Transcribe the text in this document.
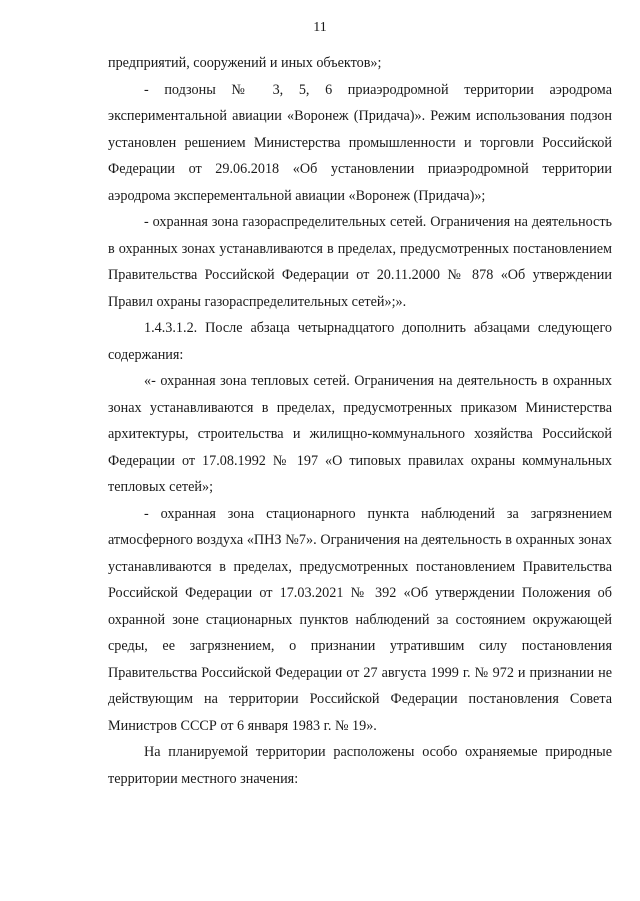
11

предприятий, сооружений и иных объектов»;

- подзоны № 3, 5, 6 приаэродромной территории аэродрома экспериментальной авиации «Воронеж (Придача)». Режим использования подзон установлен решением Министерства промышленности и торговли Российской Федерации от 29.06.2018 «Об установлении приаэродромной территории аэродрома эксперементальной авиации «Воронеж (Придача)»;

- охранная зона газораспределительных сетей. Ограничения на деятельность в охранных зонах устанавливаются в пределах, предусмотренных постановлением Правительства Российской Федерации от 20.11.2000 № 878 «Об утверждении Правил охраны газораспределительных сетей»;».

1.4.3.1.2. После абзаца четырнадцатого дополнить абзацами следующего содержания:

«- охранная зона тепловых сетей. Ограничения на деятельность в охранных зонах устанавливаются в пределах, предусмотренных приказом Министерства архитектуры, строительства и жилищно-коммунального хозяйства Российской Федерации от 17.08.1992 № 197 «О типовых правилах охраны коммунальных тепловых сетей»;

- охранная зона стационарного пункта наблюдений за загрязнением атмосферного воздуха «ПНЗ №7». Ограничения на деятельность в охранных зонах устанавливаются в пределах, предусмотренных постановлением Правительства Российской Федерации от 17.03.2021 № 392 «Об утверждении Положения об охранной зоне стационарных пунктов наблюдений за состоянием окружающей среды, ее загрязнением, о признании утратившим силу постановления Правительства Российской Федерации от 27 августа 1999 г. № 972 и признании не действующим на территории Российской Федерации постановления Совета Министров СССР от 6 января 1983 г. № 19».

На планируемой территории расположены особо охраняемые природные территории местного значения:
